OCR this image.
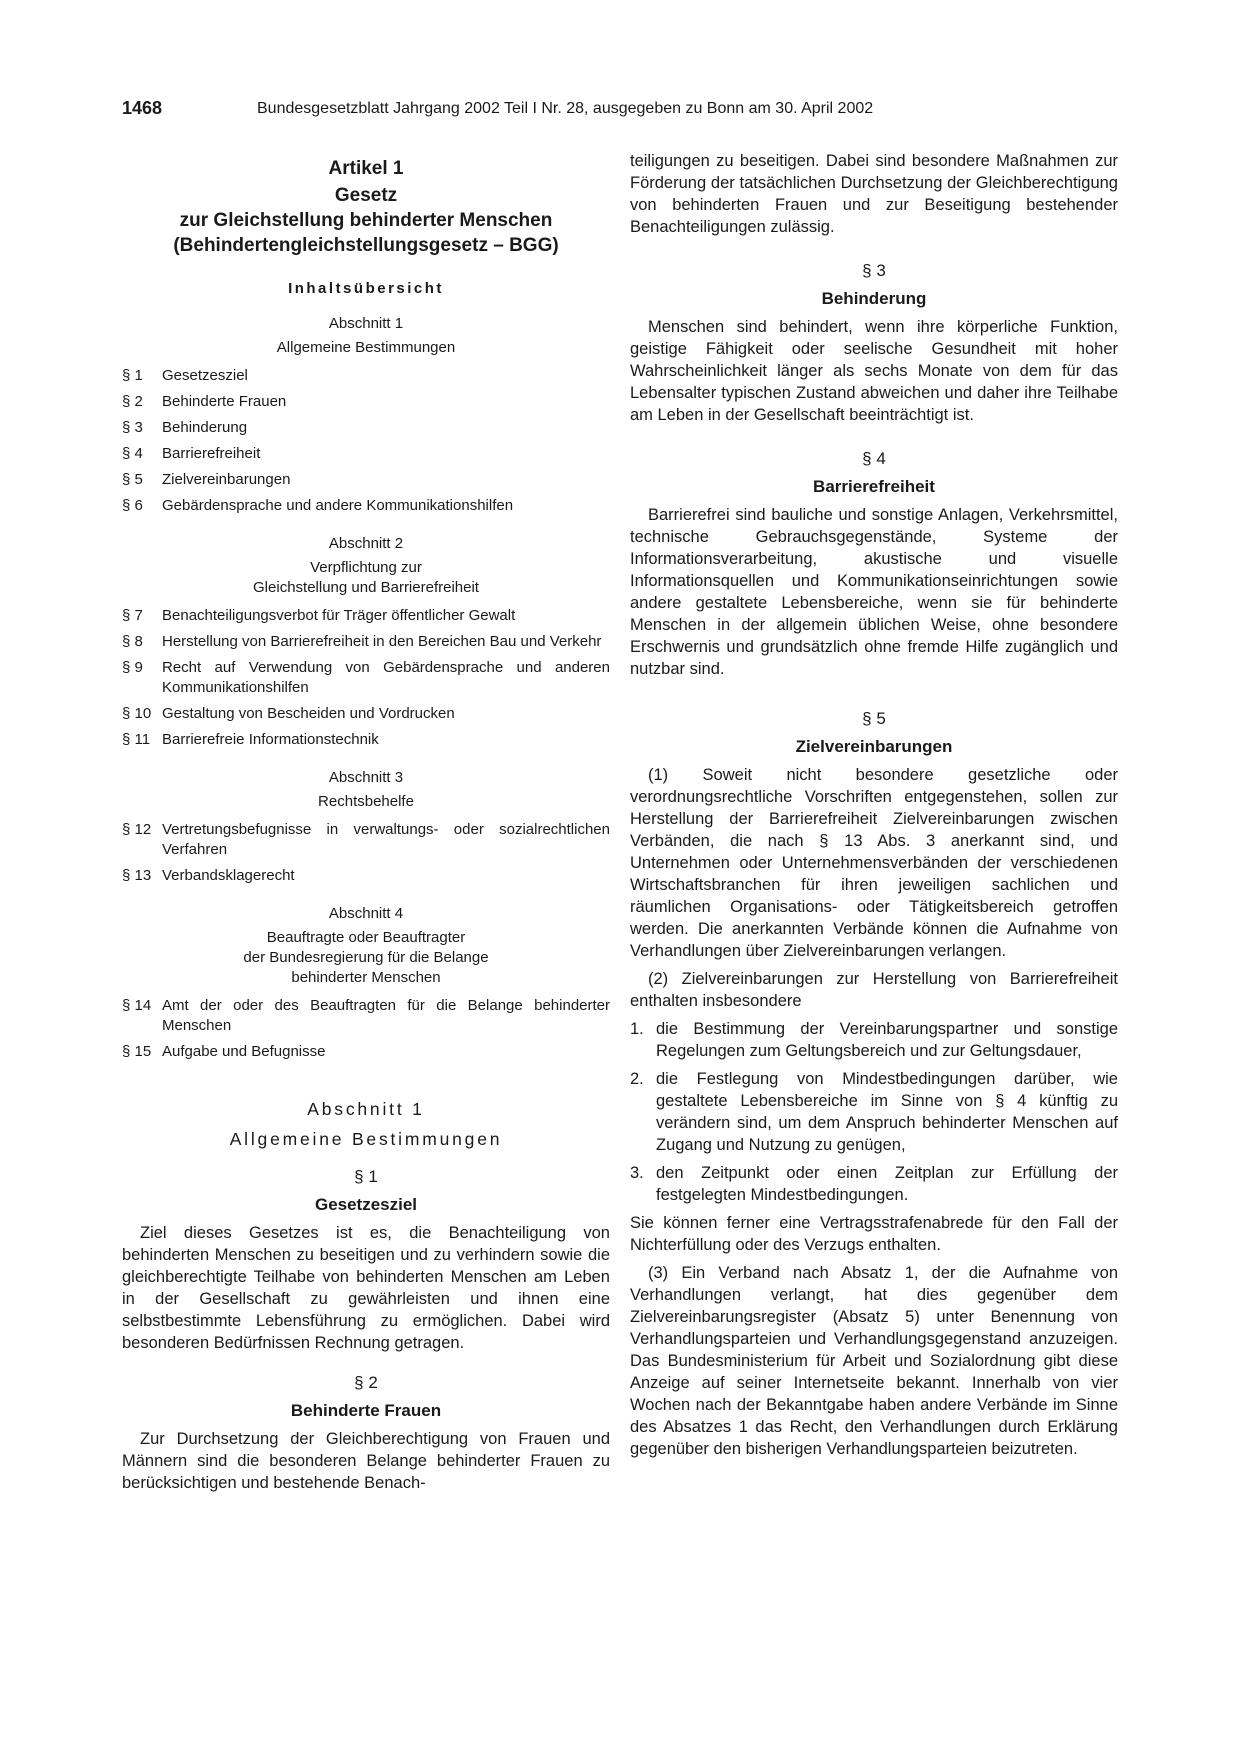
1468	Bundesgesetzblatt Jahrgang 2002 Teil I Nr. 28, ausgegeben zu Bonn am 30. April 2002
Artikel 1
Gesetz
zur Gleichstellung behinderter Menschen
(Behindertengleichstellungsgesetz – BGG)
Inhaltsübersicht
Abschnitt 1
Allgemeine Bestimmungen
§ 1	Gesetzesziel
§ 2	Behinderte Frauen
§ 3	Behinderung
§ 4	Barrierefreiheit
§ 5	Zielvereinbarungen
§ 6	Gebärdensprache und andere Kommunikationshilfen
Abschnitt 2
Verpflichtung zur
Gleichstellung und Barrierefreiheit
§ 7	Benachteiligungsverbot für Träger öffentlicher Gewalt
§ 8	Herstellung von Barrierefreiheit in den Bereichen Bau und Verkehr
§ 9	Recht auf Verwendung von Gebärdensprache und anderen Kommunikationshilfen
§ 10 Gestaltung von Bescheiden und Vordrucken
§ 11 Barrierefreie Informationstechnik
Abschnitt 3
Rechtsbehelfe
§ 12 Vertretungsbefugnisse in verwaltungs- oder sozialrechtlichen Verfahren
§ 13 Verbandsklagerecht
Abschnitt 4
Beauftragte oder Beauftragter
der Bundesregierung für die Belange
behinderter Menschen
§ 14 Amt der oder des Beauftragten für die Belange behinderter Menschen
§ 15 Aufgabe und Befugnisse
Abschnitt 1
Allgemeine Bestimmungen
§ 1
Gesetzesziel
Ziel dieses Gesetzes ist es, die Benachteiligung von behinderten Menschen zu beseitigen und zu verhindern sowie die gleichberechtigte Teilhabe von behinderten Menschen am Leben in der Gesellschaft zu gewährleisten und ihnen eine selbstbestimmte Lebensführung zu ermöglichen. Dabei wird besonderen Bedürfnissen Rechnung getragen.
§ 2
Behinderte Frauen
Zur Durchsetzung der Gleichberechtigung von Frauen und Männern sind die besonderen Belange behinderter Frauen zu berücksichtigen und bestehende Benach-
teiligungen zu beseitigen. Dabei sind besondere Maßnahmen zur Förderung der tatsächlichen Durchsetzung der Gleichberechtigung von behinderten Frauen und zur Beseitigung bestehender Benachteiligungen zulässig.
§ 3
Behinderung
Menschen sind behindert, wenn ihre körperliche Funktion, geistige Fähigkeit oder seelische Gesundheit mit hoher Wahrscheinlichkeit länger als sechs Monate von dem für das Lebensalter typischen Zustand abweichen und daher ihre Teilhabe am Leben in der Gesellschaft beeinträchtigt ist.
§ 4
Barrierefreiheit
Barrierefrei sind bauliche und sonstige Anlagen, Verkehrsmittel, technische Gebrauchsgegenstände, Systeme der Informationsverarbeitung, akustische und visuelle Informationsquellen und Kommunikationseinrichtungen sowie andere gestaltete Lebensbereiche, wenn sie für behinderte Menschen in der allgemein üblichen Weise, ohne besondere Erschwernis und grundsätzlich ohne fremde Hilfe zugänglich und nutzbar sind.
§ 5
Zielvereinbarungen
(1) Soweit nicht besondere gesetzliche oder verordnungsrechtliche Vorschriften entgegenstehen, sollen zur Herstellung der Barrierefreiheit Zielvereinbarungen zwischen Verbänden, die nach § 13 Abs. 3 anerkannt sind, und Unternehmen oder Unternehmensverbänden der verschiedenen Wirtschaftsbranchen für ihren jeweiligen sachlichen und räumlichen Organisations- oder Tätigkeitsbereich getroffen werden. Die anerkannten Verbände können die Aufnahme von Verhandlungen über Zielvereinbarungen verlangen.
(2) Zielvereinbarungen zur Herstellung von Barrierefreiheit enthalten insbesondere
1. die Bestimmung der Vereinbarungspartner und sonstige Regelungen zum Geltungsbereich und zur Geltungsdauer,
2. die Festlegung von Mindestbedingungen darüber, wie gestaltete Lebensbereiche im Sinne von § 4 künftig zu verändern sind, um dem Anspruch behinderter Menschen auf Zugang und Nutzung zu genügen,
3. den Zeitpunkt oder einen Zeitplan zur Erfüllung der festgelegten Mindestbedingungen.
Sie können ferner eine Vertragsstrafenabrede für den Fall der Nichterfüllung oder des Verzugs enthalten.
(3) Ein Verband nach Absatz 1, der die Aufnahme von Verhandlungen verlangt, hat dies gegenüber dem Zielvereinbarungsregister (Absatz 5) unter Benennung von Verhandlungsparteien und Verhandlungsgegenstand anzuzeigen. Das Bundesministerium für Arbeit und Sozialordnung gibt diese Anzeige auf seiner Internetseite bekannt. Innerhalb von vier Wochen nach der Bekanntgabe haben andere Verbände im Sinne des Absatzes 1 das Recht, den Verhandlungen durch Erklärung gegenüber den bisherigen Verhandlungsparteien beizutreten.
